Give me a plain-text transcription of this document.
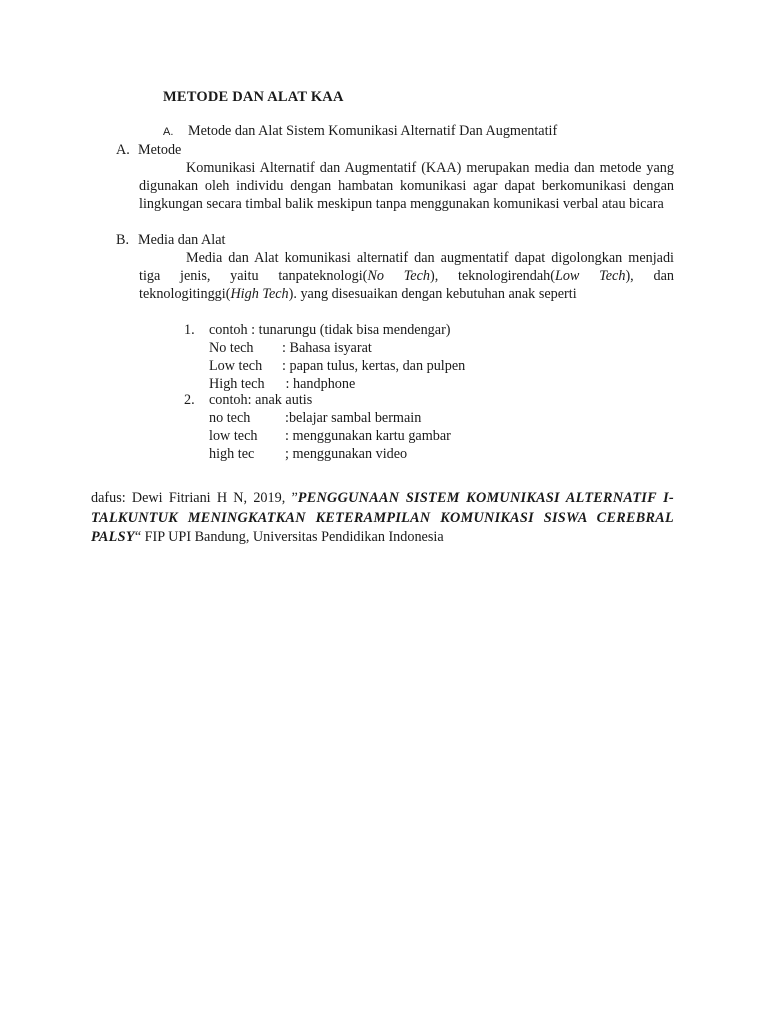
METODE DAN ALAT KAA
A. Metode dan Alat Sistem Komunikasi Alternatif Dan Augmentatif
A. Metode
Komunikasi Alternatif dan Augmentatif (KAA) merupakan media dan metode yang digunakan oleh individu dengan hambatan komunikasi agar dapat berkomunikasi dengan lingkungan secara timbal balik meskipun tanpa menggunakan komunikasi verbal atau bicara
B. Media dan Alat
Media dan Alat komunikasi alternatif dan augmentatif dapat digolongkan menjadi tiga jenis, yaitu tanpateknologi(No Tech), teknologirendah(Low Tech), dan teknologitinggi(High Tech). yang disesuaikan dengan kebutuhan anak seperti
1. contoh : tunarungu (tidak bisa mendengar)
No tech : Bahasa isyarat
Low tech : papan tulus, kertas, dan pulpen
High tech : handphone
2. contoh: anak autis
no tech :belajar sambal bermain
low tech : menggunakan kartu gambar
high tec ; menggunakan video
dafus: Dewi Fitriani H N, 2019, ”PENGGUNAAN SISTEM KOMUNIKASI ALTERNATIF I-TALKUNTUK MENINGKATKAN KETERAMPILAN KOMUNIKASI SISWA CEREBRAL PALSY“ FIP UPI Bandung, Universitas Pendidikan Indonesia
